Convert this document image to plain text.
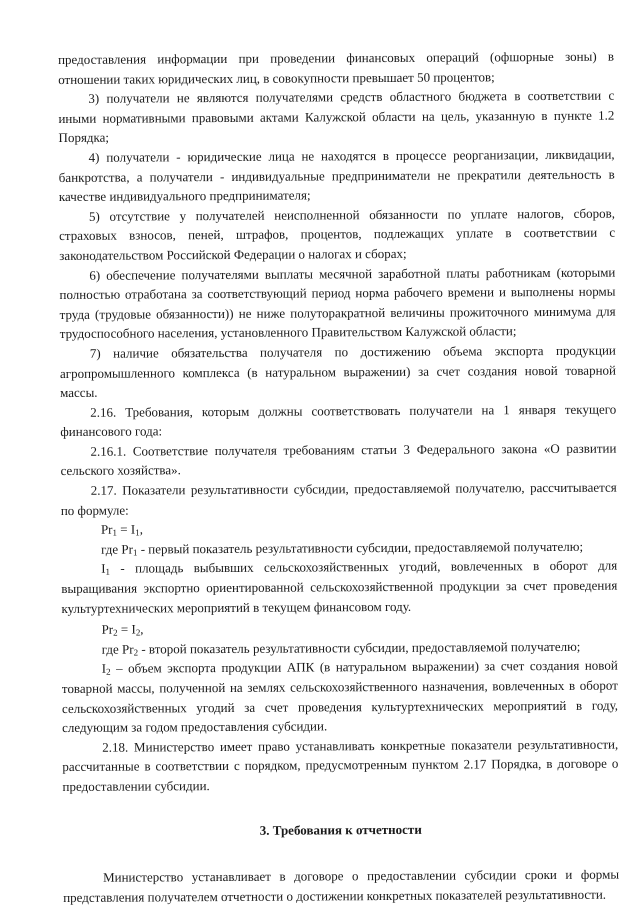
предоставления информации при проведении финансовых операций (офшорные зоны) в отношении таких юридических лиц, в совокупности превышает 50 процентов;

3) получатели не являются получателями средств областного бюджета в соответствии с иными нормативными правовыми актами Калужской области на цель, указанную в пункте 1.2 Порядка;

4) получатели - юридические лица не находятся в процессе реорганизации, ликвидации, банкротства, а получатели - индивидуальные предприниматели не прекратили деятельность в качестве индивидуального предпринимателя;

5) отсутствие у получателей неисполненной обязанности по уплате налогов, сборов, страховых взносов, пеней, штрафов, процентов, подлежащих уплате в соответствии с законодательством Российской Федерации о налогах и сборах;

6) обеспечение получателями выплаты месячной заработной платы работникам (которыми полностью отработана за соответствующий период норма рабочего времени и выполнены нормы труда (трудовые обязанности)) не ниже полуторакратной величины прожиточного минимума для трудоспособного населения, установленного Правительством Калужской области;

7) наличие обязательства получателя по достижению объема экспорта продукции агропромышленного комплекса (в натуральном выражении) за счет создания новой товарной массы.

2.16. Требования, которым должны соответствовать получатели на 1 января текущего финансового года:

2.16.1. Соответствие получателя требованиям статьи 3 Федерального закона «О развитии сельского хозяйства».

2.17. Показатели результативности субсидии, предоставляемой получателю, рассчитывается по формуле:

$Pr_1 = I_1$,

где $Pr_1$ - первый показатель результативности субсидии, предоставляемой получателю;

$I_1$ - площадь выбывших сельскохозяйственных угодий, вовлеченных в оборот для выращивания экспортно ориентированной сельскохозяйственной продукции за счет проведения культуртехнических мероприятий в текущем финансовом году.

$Pr_2 = I_2$,

где $Pr_2$ - второй показатель результативности субсидии, предоставляемой получателю;

$I_2$ – объем экспорта продукции АПК (в натуральном выражении) за счет создания новой товарной массы, полученной на землях сельскохозяйственного назначения, вовлеченных в оборот сельскохозяйственных угодий за счет проведения культуртехнических мероприятий в году, следующим за годом предоставления субсидии.

2.18. Министерство имеет право устанавливать конкретные показатели результативности, рассчитанные в соответствии с порядком, предусмотренным пунктом 2.17 Порядка, в договоре о предоставлении субсидии.

3. Требования к отчетности

Министерство устанавливает в договоре о предоставлении субсидии сроки и формы представления получателем отчетности о достижении конкретных показателей результативности.
